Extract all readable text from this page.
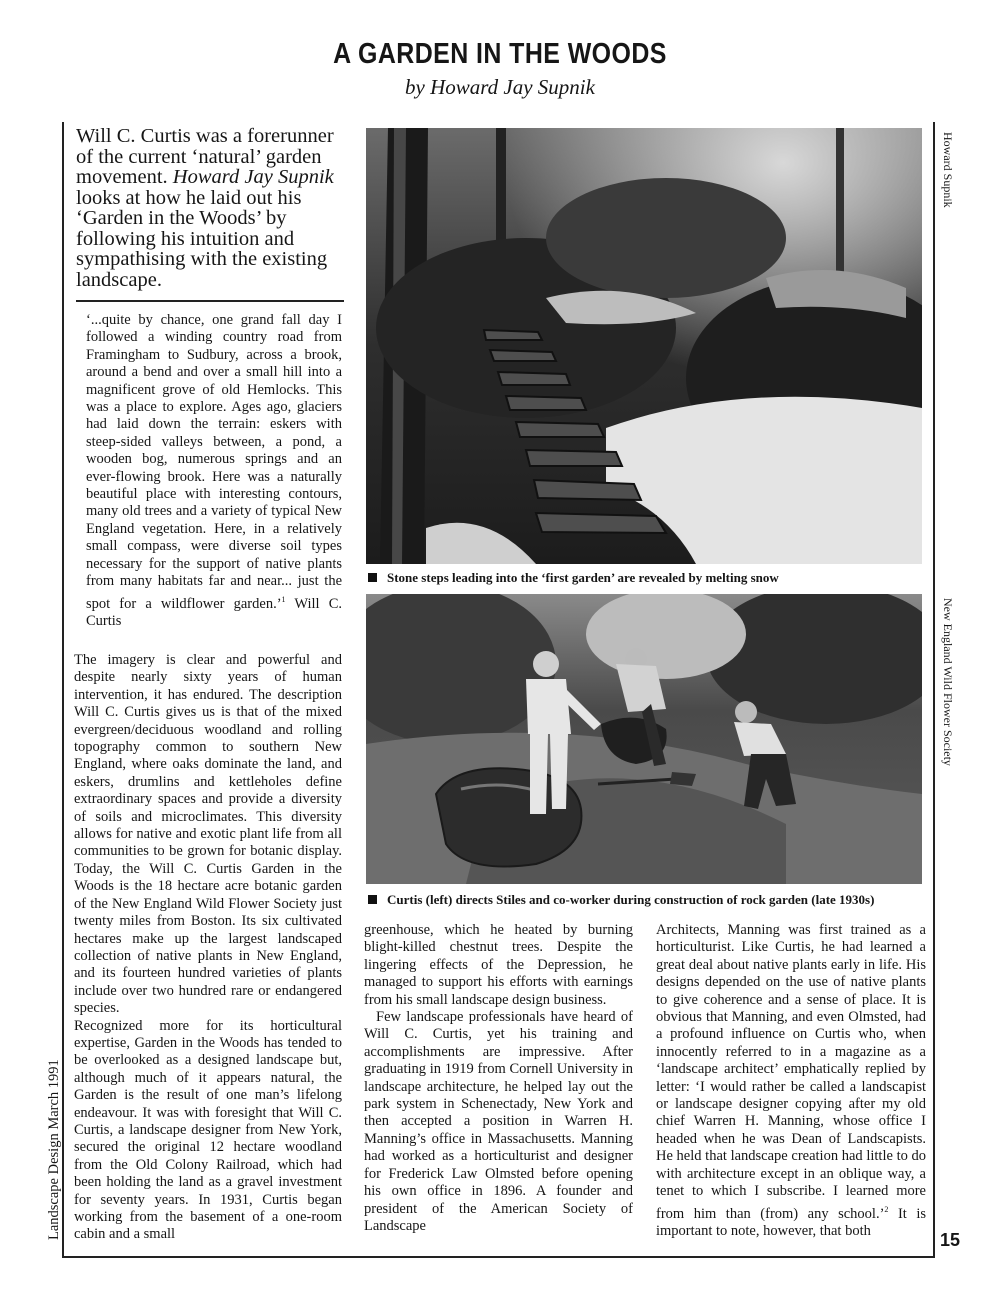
A GARDEN IN THE WOODS
by Howard Jay Supnik
Landscape Design March 1991
Howard Supnik
New England Wild Flower Society
15
Will C. Curtis was a forerunner of the current ‘natural’ garden movement. Howard Jay Supnik looks at how he laid out his ‘Garden in the Woods’ by following his intuition and sympathising with the existing landscape.

‘...quite by chance, one grand fall day I followed a winding country road from Framingham to Sudbury, across a brook, around a bend and over a small hill into a magnificent grove of old Hemlocks. This was a place to explore. Ages ago, glaciers had laid down the terrain: eskers with steep-sided valleys between, a pond, a wooden bog, numerous springs and an ever-flowing brook. Here was a naturally beautiful place with interesting contours, many old trees and a variety of typical New England vegetation. Here, in a relatively small compass, were diverse soil types necessary for the support of native plants from many habitats far and near... just the spot for a wildflower garden.’$^1$ Will C. Curtis

The imagery is clear and powerful and despite nearly sixty years of human intervention, it has endured. The description Will C. Curtis gives us is that of the mixed evergreen/deciduous woodland and rolling topography common to southern New England, where oaks dominate the land, and eskers, drumlins and kettleholes define extraordinary spaces and provide a diversity of soils and microclimates. This diversity allows for native and exotic plant life from all communities to be grown for botanic display. Today, the Will C. Curtis Garden in the Woods is the 18 hectare acre botanic garden of the New England Wild Flower Society just twenty miles from Boston. Its six cultivated hectares make up the largest landscaped collection of native plants in New England, and its fourteen hundred varieties of plants include over two hundred rare or endangered species.

Recognized more for its horticultural expertise, Garden in the Woods has tended to be overlooked as a designed landscape but, although much of it appears natural, the Garden is the result of one man’s lifelong endeavour. It was with foresight that Will C. Curtis, a landscape designer from New York, secured the original 12 hectare woodland from the Old Colony Railroad, which had been holding the land as a gravel investment for seventy years. In 1931, Curtis began working from the basement of a one-room cabin and a small

greenhouse, which he heated by burning blight-killed chestnut trees. Despite the lingering effects of the Depression, he managed to support his efforts with earnings from his small landscape design business.

Few landscape professionals have heard of Will C. Curtis, yet his training and accomplishments are impressive. After graduating in 1919 from Cornell University in landscape architecture, he helped lay out the park system in Schenectady, New York and then accepted a position in Warren H. Manning’s office in Massachusetts. Manning had worked as a horticulturist and designer for Frederick Law Olmsted before opening his own office in 1896. A founder and president of the American Society of Landscape

Architects, Manning was first trained as a horticulturist. Like Curtis, he had learned a great deal about native plants early in life. His designs depended on the use of native plants to give coherence and a sense of place. It is obvious that Manning, and even Olmsted, had a profound influence on Curtis who, when innocently referred to in a magazine as a ‘landscape architect’ emphatically replied by letter: ‘I would rather be called a landscapist or landscape designer copying after my old chief Warren H. Manning, whose office I headed when he was Dean of Landscapists. He held that landscape creation had little to do with architecture except in an oblique way, a tenet to which I subscribe. I learned more from him than (from) any school.’$^2$ It is important to note, however, that both

Stone steps leading into the ‘first garden’ are revealed by melting snow
Curtis (left) directs Stiles and co-worker during construction of rock garden (late 1930s)
